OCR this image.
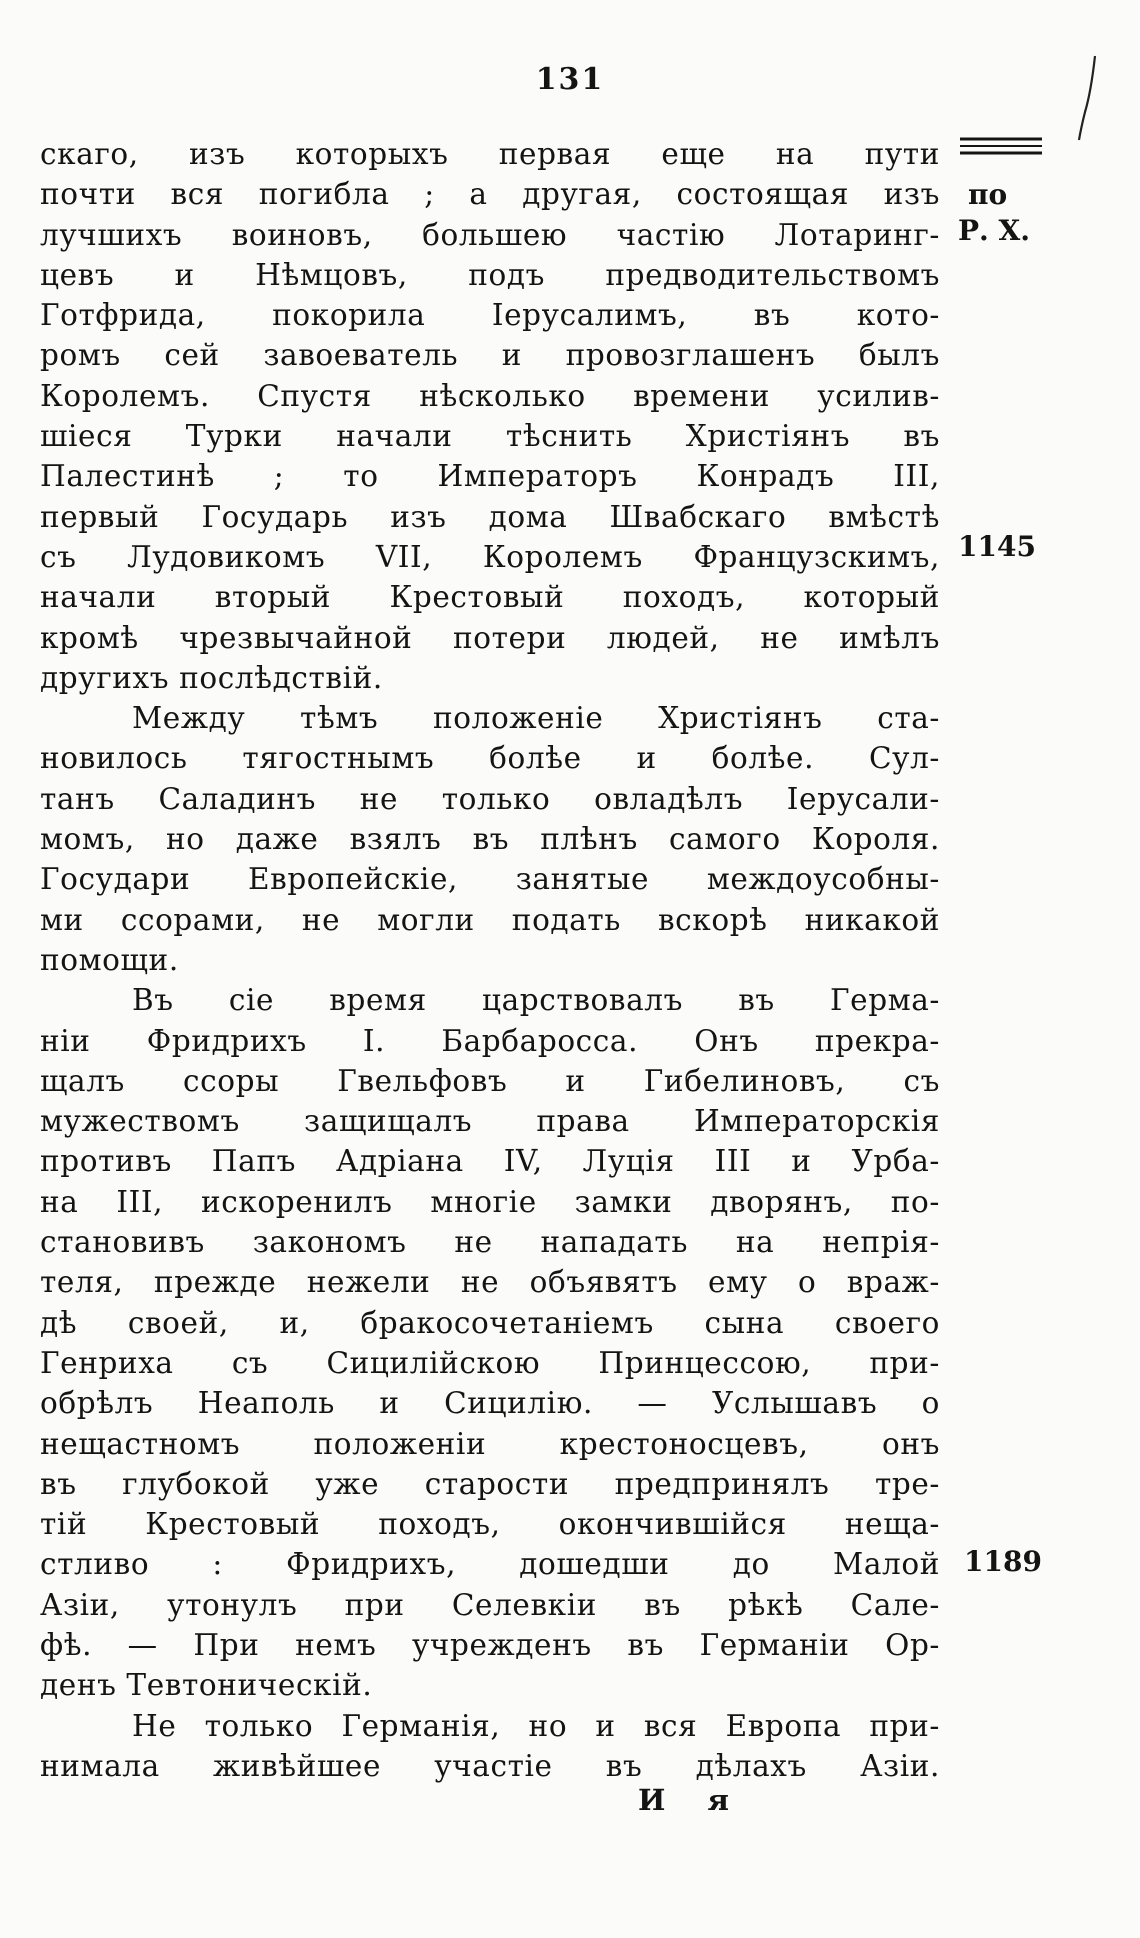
131
по
Р. Х.
1145
1189
скаго, изъ которыхъ первая еще на пути
почти вся погибла ; а другая, состоящая изъ
лучшихъ воиновъ, большею частію Лотаринг-
цевъ и Нѣмцовъ, подъ предводительствомъ
Готфрида, покорила Іерусалимъ, въ кото-
ромъ сей завоеватель и провозглашенъ былъ
Королемъ. Спустя нѣсколько времени усилив-
шіеся Турки начали тѣснить Христіянъ въ
Палестинѣ ; то Императоръ Конрадъ III,
первый Государь изъ дома Швабскаго вмѣстѣ
съ Лудовикомъ VII, Королемъ Французскимъ,
начали вторый Крестовый походъ, который
кромѣ чрезвычайной потери людей, не имѣлъ
другихъ послѣдствій.
Между тѣмъ положеніе Христіянъ ста-
новилось тягостнымъ болѣе и болѣе. Сул-
танъ Саладинъ не только овладѣлъ Іерусали-
момъ, но даже взялъ въ плѣнъ самого Короля.
Государи Европейскіе, занятые междоусобны-
ми ссорами, не могли подать вскорѣ никакой
помощи.
Въ сіе время царствовалъ въ Герма-
ніи Фридрихъ I. Барбаросса. Онъ прекра-
щалъ ссоры Гвельфовъ и Гибелиновъ, съ
мужествомъ защищалъ права Императорскія
противъ Папъ Адріана IV, Луція III и Урба-
на III, искоренилъ многіе замки дворянъ, по-
становивъ закономъ не нападать на непрія-
теля, прежде нежели не объявятъ ему о враж-
дѣ своей, и, бракосочетаніемъ сына своего
Генриха съ Сицилійскою Принцессою, при-
обрѣлъ Неаполь и Сицилію. — Услышавъ о
нещастномъ положеніи крестоносцевъ, онъ
въ глубокой уже старости предпринялъ тре-
тій Крестовый походъ, окончившійся неща-
стливо : Фридрихъ, дошедши до Малой
Азіи, утонулъ при Селевкіи въ рѣкѣ Сале-
фѣ. — При немъ учрежденъ въ Германіи Ор-
денъ Тевтоническій.
Не только Германія, но и вся Европа при-
нимала живѣйшее участіе въ дѣлахъ Азіи.
И я
